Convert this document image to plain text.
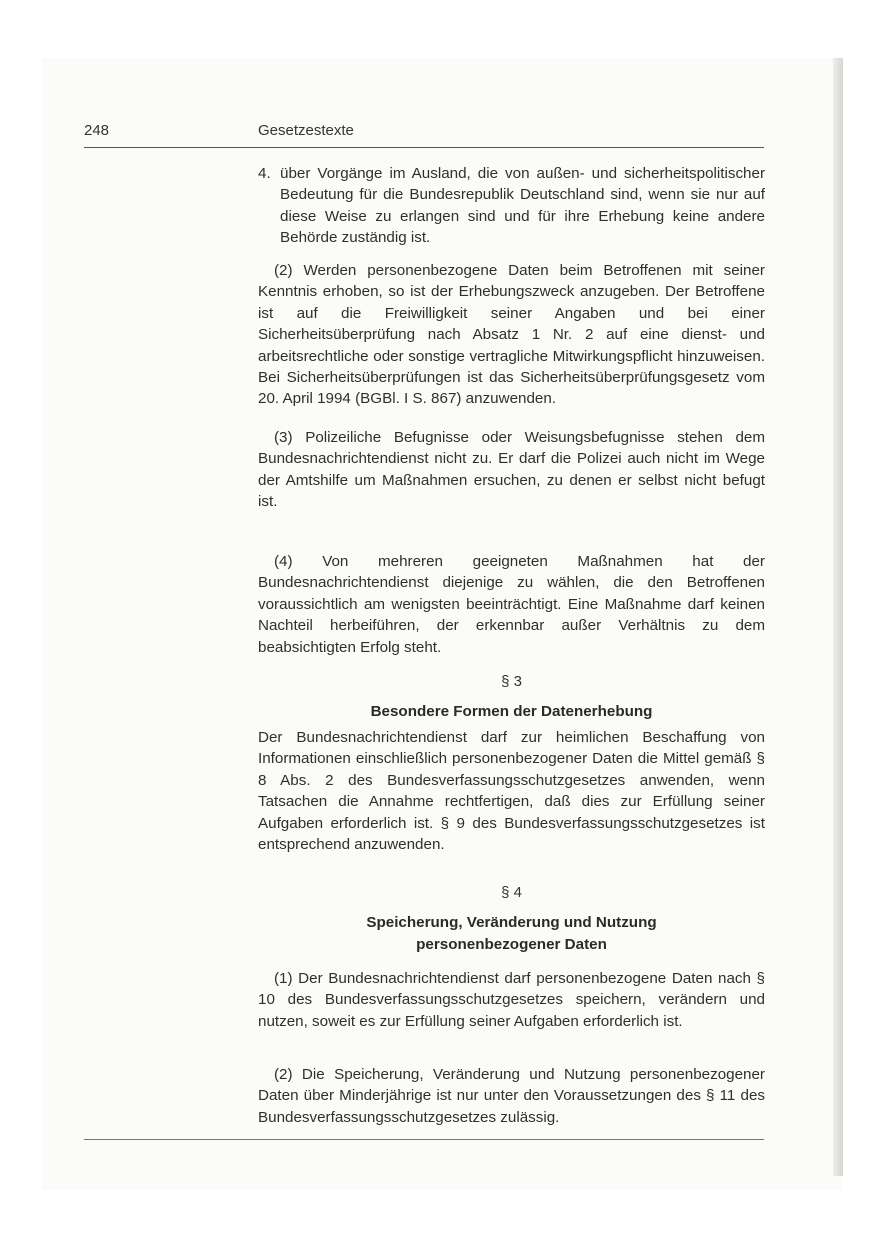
248	Gesetzestexte
4. über Vorgänge im Ausland, die von außen- und sicherheitspolitischer Bedeutung für die Bundesrepublik Deutschland sind, wenn sie nur auf diese Weise zu erlangen sind und für ihre Erhebung keine andere Behörde zuständig ist.
(2) Werden personenbezogene Daten beim Betroffenen mit seiner Kenntnis erhoben, so ist der Erhebungszweck anzugeben. Der Betroffene ist auf die Freiwilligkeit seiner Angaben und bei einer Sicherheitsüberprüfung nach Absatz 1 Nr. 2 auf eine dienst- und arbeitsrechtliche oder sonstige vertragliche Mitwirkungspflicht hinzuweisen. Bei Sicherheitsüberprüfungen ist das Sicherheitsüberprüfungsgesetz vom 20. April 1994 (BGBl. I S. 867) anzuwenden.
(3) Polizeiliche Befugnisse oder Weisungsbefugnisse stehen dem Bundesnachrichtendienst nicht zu. Er darf die Polizei auch nicht im Wege der Amtshilfe um Maßnahmen ersuchen, zu denen er selbst nicht befugt ist.
(4) Von mehreren geeigneten Maßnahmen hat der Bundesnachrichtendienst diejenige zu wählen, die den Betroffenen voraussichtlich am wenigsten beeinträchtigt. Eine Maßnahme darf keinen Nachteil herbeiführen, der erkennbar außer Verhältnis zu dem beabsichtigten Erfolg steht.
§ 3
Besondere Formen der Datenerhebung
Der Bundesnachrichtendienst darf zur heimlichen Beschaffung von Informationen einschließlich personenbezogener Daten die Mittel gemäß § 8 Abs. 2 des Bundesverfassungsschutzgesetzes anwenden, wenn Tatsachen die Annahme rechtfertigen, daß dies zur Erfüllung seiner Aufgaben erforderlich ist. § 9 des Bundesverfassungsschutzgesetzes ist entsprechend anzuwenden.
§ 4
Speicherung, Veränderung und Nutzung
personenbezogener Daten
(1) Der Bundesnachrichtendienst darf personenbezogene Daten nach § 10 des Bundesverfassungsschutzgesetzes speichern, verändern und nutzen, soweit es zur Erfüllung seiner Aufgaben erforderlich ist.
(2) Die Speicherung, Veränderung und Nutzung personenbezogener Daten über Minderjährige ist nur unter den Voraussetzungen des § 11 des Bundesverfassungsschutzgesetzes zulässig.
